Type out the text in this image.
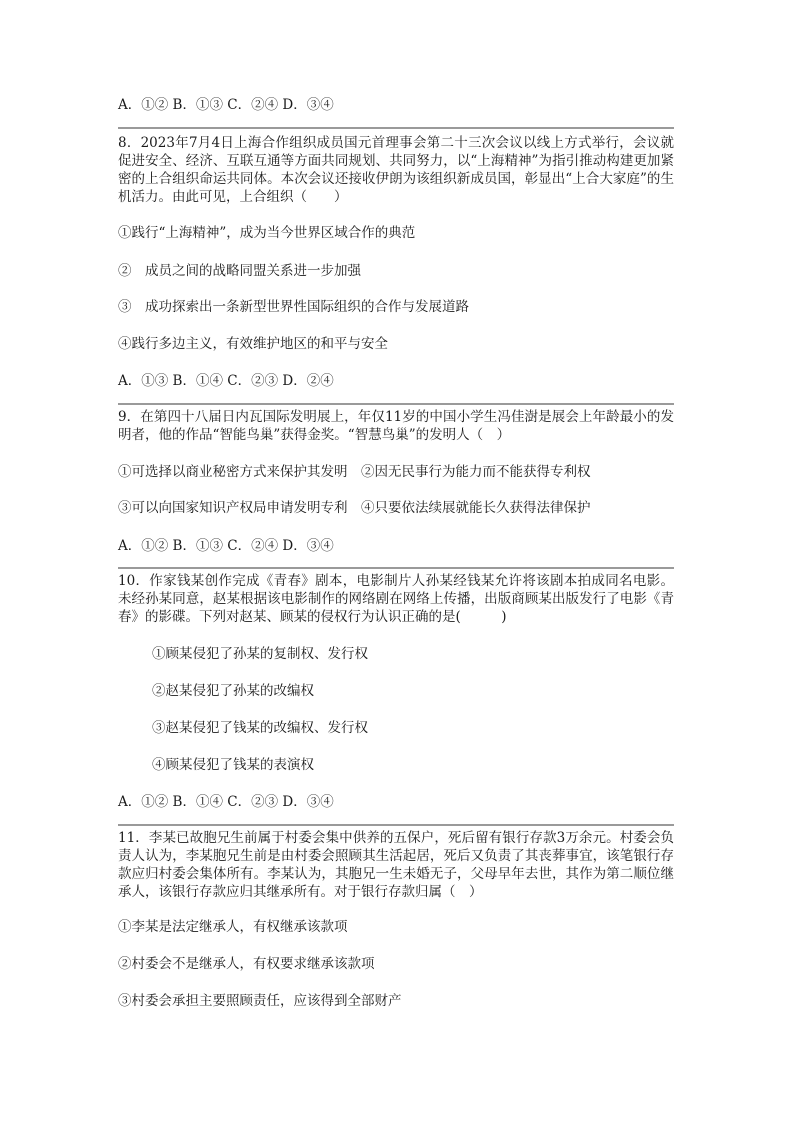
A．①② B．①③ C．②④ D．③④
8．2023年7月4日上海合作组织成员国元首理事会第二十三次会议以线上方式举行，会议就促进安全、经济、互联互通等方面共同规划、共同努力，以“上海精神”为指引推动构建更加紧密的上合组织命运共同体。本次会议还接收伊朗为该组织新成员国，彰显出“上合大家庭”的生机活力。由此可见，上合组织（　　）
①践行“上海精神”，成为当今世界区域合作的典范
②　成员之间的战略同盟关系进一步加强
③　成功探索出一条新型世界性国际组织的合作与发展道路
④践行多边主义，有效维护地区的和平与安全
A．①③ B．①④ C．②③ D．②④
9．在第四十八届日内瓦国际发明展上，年仅11岁的中国小学生冯佳澍是展会上年龄最小的发明者，他的作品“智能鸟巢”获得金奖。“智慧鸟巢”的发明人（　）
①可选择以商业秘密方式来保护其发明　②因无民事行为能力而不能获得专利权
③可以向国家知识产权局申请发明专利　④只要依法续展就能长久获得法律保护
A．①② B．①③ C．②④ D．③④
10．作家钱某创作完成《青春》剧本，电影制片人孙某经钱某允许将该剧本拍成同名电影。未经孙某同意，赵某根据该电影制作的网络剧在网络上传播，出版商顾某出版发行了电影《青春》的影碟。下列对赵某、顾某的侵权行为认识正确的是(　　　)
①顾某侵犯了孙某的复制权、发行权
②赵某侵犯了孙某的改编权
③赵某侵犯了钱某的改编权、发行权
④顾某侵犯了钱某的表演权
A．①② B．①④ C．②③ D．③④
11．李某已故胞兄生前属于村委会集中供养的五保户，死后留有银行存款3万余元。村委会负责人认为，李某胞兄生前是由村委会照顾其生活起居，死后又负责了其丧葬事宜，该笔银行存款应归村委会集体所有。李某认为，其胞兄一生未婚无子，父母早年去世，其作为第二顺位继承人，该银行存款应归其继承所有。对于银行存款归属（　）
①李某是法定继承人，有权继承该款项
②村委会不是继承人，有权要求继承该款项
③村委会承担主要照顾责任，应该得到全部财产
